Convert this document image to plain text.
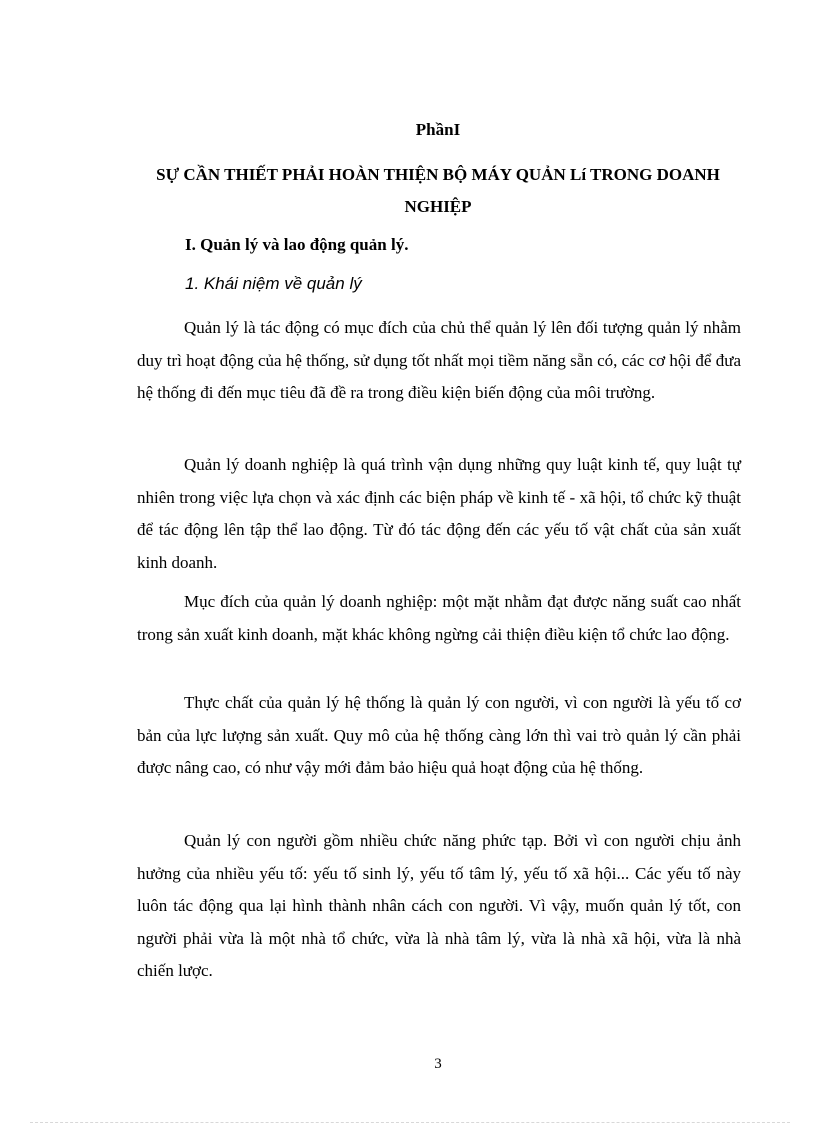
PhầnI
SỰ CẦN THIẾT PHẢI HOÀN THIỆN BỘ MÁY QUẢN Lí TRONG DOANH NGHIỆP
I. Quản lý và lao động quản lý.
1. Khái niệm về quản lý

Quản lý là tác động có mục đích của chủ thể quản lý lên đối tượng quản lý nhằm duy trì hoạt động của hệ thống, sử dụng tốt nhất mọi tiềm năng sẵn có, các cơ hội để đưa hệ thống đi đến mục tiêu đã đề ra trong điều kiện biến động của môi trường.

Quản lý doanh nghiệp là quá trình vận dụng những quy luật kinh tế, quy luật tự nhiên trong việc lựa chọn và xác định các biện pháp về kinh tế - xã hội, tổ chức kỹ thuật để tác động lên tập thể lao động. Từ đó tác động đến các yếu tố vật chất của sản xuất kinh doanh.

Mục đích của quản lý doanh nghiệp: một mặt nhằm đạt được năng suất cao nhất trong sản xuất kinh doanh, mặt khác không ngừng cải thiện điều kiện tổ chức lao động.

Thực chất của quản lý hệ thống là quản lý con người, vì con người là yếu tố cơ bản của lực lượng sản xuất. Quy mô của hệ thống càng lớn thì vai trò quản lý cần phải được nâng cao, có như vậy mới đảm bảo hiệu quả hoạt động của hệ thống.

Quản lý con người gồm nhiều chức năng phức tạp. Bởi vì con người chịu ảnh hưởng của nhiều yếu tố: yếu tố sinh lý, yếu tố tâm lý, yếu tố xã hội... Các yếu tố này luôn tác động qua lại hình thành nhân cách con người. Vì vậy, muốn quản lý tốt, con người phải vừa là một nhà tổ chức, vừa là nhà tâm lý, vừa là nhà xã hội, vừa là nhà chiến lược.

3
